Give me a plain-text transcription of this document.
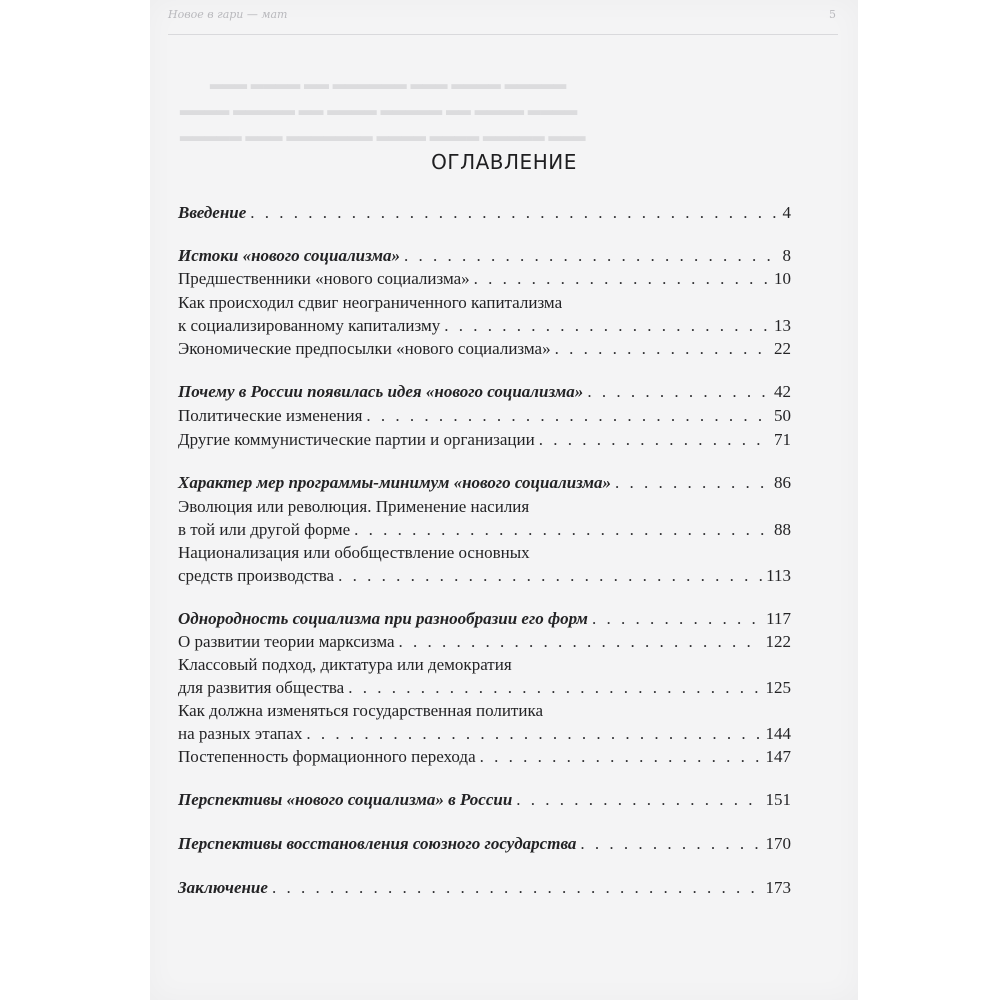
Новое в гари — мат	5
▂▂▂ ▂▂▂▂ ▂▂ ▂▂▂▂▂▂ ▂▂▂ ▂▂▂▂ ▂▂▂▂▂
▂▂▂▂ ▂▂▂▂▂ ▂▂ ▂▂▂▂ ▂▂▂▂▂ ▂▂ ▂▂▂▂ ▂▂▂▂
▂▂▂▂▂ ▂▂▂ ▂▂▂▂▂▂▂ ▂▂▂▂ ▂▂▂▂ ▂▂▂▂▂ ▂▂▂
ОГЛАВЛЕНИЕ
Введение . . .	4
Истоки «нового социализма» . . .	8
Предшественники «нового социализма» . . .	10
Как происходил сдвиг неограниченного капитализма
к социализированному капитализму . . .	13
Экономические предпосылки «нового социализма» . . .	22
Почему в России появилась идея «нового социализма» . . .	42
Политические изменения . . .	50
Другие коммунистические партии и организации . . .	71
Характер мер программы-минимум «нового социализма» . . .	86
Эволюция или революция. Применение насилия
в той или другой форме . . .	88
Национализация или обобществление основных
средств производства . . .	113
Однородность социализма при разнообразии его форм . . .	117
О развитии теории марксизма . . .	122
Классовый подход, диктатура или демократия
для развития общества . . .	125
Как должна изменяться государственная политика
на разных этапах . . .	144
Постепенность формационного перехода . . .	147
Перспективы «нового социализма» в России . . .	151
Перспективы восстановления союзного государства . . .	170
Заключение . . .	173
